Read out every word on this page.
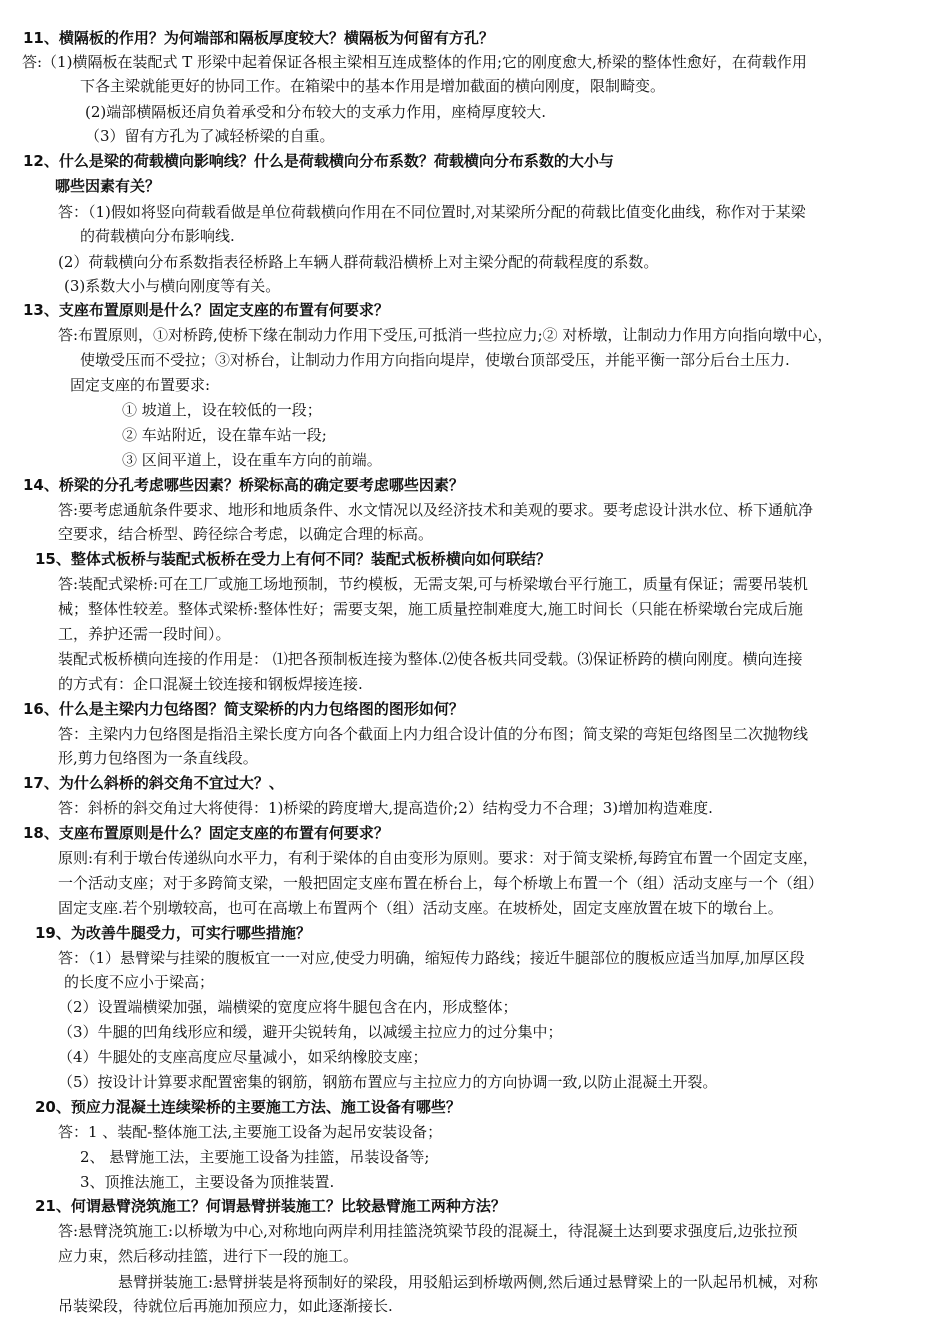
11、横隔板的作用？为何端部和隔板厚度较大？横隔板为何留有方孔？
答:（1)横隔板在装配式 T 形梁中起着保证各根主梁相互连成整体的作用;它的刚度愈大,桥梁的整体性愈好，在荷载作用
下各主梁就能更好的协同工作。在箱梁中的基本作用是增加截面的横向刚度，限制畸变。
(2)端部横隔板还肩负着承受和分布较大的支承力作用，座椅厚度较大.
（3）留有方孔为了减轻桥梁的自重。
12、什么是梁的荷载横向影响线？什么是荷载横向分布系数？荷载横向分布系数的大小与
哪些因素有关？
答：（1)假如将竖向荷载看做是单位荷载横向作用在不同位置时,对某梁所分配的荷载比值变化曲线，称作对于某梁
的荷载横向分布影响线.
(2）荷载横向分布系数指表径桥路上车辆人群荷载沿横桥上对主梁分配的荷载程度的系数。
(3)系数大小与横向刚度等有关。
13、支座布置原则是什么？固定支座的布置有何要求？
答:布置原则，①对桥跨,使桥下缘在制动力作用下受压,可抵消一些拉应力;② 对桥墩，让制动力作用方向指向墩中心，
使墩受压而不受拉；③对桥台，让制动力作用方向指向堤岸，使墩台顶部受压，并能平衡一部分后台土压力.
固定支座的布置要求:
① 坡道上，设在较低的一段；
② 车站附近，设在靠车站一段;
③ 区间平道上，设在重车方向的前端。
14、桥梁的分孔考虑哪些因素？桥梁标高的确定要考虑哪些因素？
答:要考虑通航条件要求、地形和地质条件、水文情况以及经济技术和美观的要求。要考虑设计洪水位、桥下通航净
空要求，结合桥型、跨径综合考虑，以确定合理的标高。
15、整体式板桥与装配式板桥在受力上有何不同？装配式板桥横向如何联结？
答:装配式梁桥:可在工厂或施工场地预制，节约模板，无需支架,可与桥梁墩台平行施工，质量有保证；需要吊装机
械；整体性较差。整体式梁桥:整体性好；需要支架，施工质量控制难度大,施工时间长（只能在桥梁墩台完成后施
工，养护还需一段时间）。
装配式板桥横向连接的作用是： ⑴把各预制板连接为整体.⑵使各板共同受载。⑶保证桥跨的横向刚度。横向连接
的方式有：企口混凝土铰连接和钢板焊接连接.
16、什么是主梁内力包络图？简支梁桥的内力包络图的图形如何？
答：主梁内力包络图是指沿主梁长度方向各个截面上内力组合设计值的分布图；简支梁的弯矩包络图呈二次抛物线
形,剪力包络图为一条直线段。
17、为什么斜桥的斜交角不宜过大？、
答：斜桥的斜交角过大将使得：1)桥梁的跨度增大,提高造价;2）结构受力不合理；3)增加构造难度.
18、支座布置原则是什么？固定支座的布置有何要求？
原则:有利于墩台传递纵向水平力，有利于梁体的自由变形为原则。要求：对于简支梁桥,每跨宜布置一个固定支座，
一个活动支座；对于多跨简支梁，一般把固定支座布置在桥台上，每个桥墩上布置一个（组）活动支座与一个（组）
固定支座.若个别墩较高，也可在高墩上布置两个（组）活动支座。在坡桥处，固定支座放置在坡下的墩台上。
19、为改善牛腿受力，可实行哪些措施？
答：（1）悬臂梁与挂梁的腹板宜一一对应,使受力明确，缩短传力路线；接近牛腿部位的腹板应适当加厚,加厚区段
的长度不应小于梁高；
（2）设置端横梁加强，端横梁的宽度应将牛腿包含在内，形成整体；
（3）牛腿的凹角线形应和缓，避开尖锐转角，以减缓主拉应力的过分集中；
（4）牛腿处的支座高度应尽量减小，如采纳橡胶支座；
（5）按设计计算要求配置密集的钢筋，钢筋布置应与主拉应力的方向协调一致,以防止混凝土开裂。
20、预应力混凝土连续梁桥的主要施工方法、施工设备有哪些？
答：1 、装配-整体施工法,主要施工设备为起吊安装设备；
2、 悬臂施工法，主要施工设备为挂篮，吊装设备等;
3、顶推法施工，主要设备为顶推装置.
21、何谓悬臂浇筑施工？何谓悬臂拼装施工？比较悬臂施工两种方法？
答:悬臂浇筑施工:以桥墩为中心,对称地向两岸利用挂篮浇筑梁节段的混凝土，待混凝土达到要求强度后,边张拉预
应力束，然后移动挂篮，进行下一段的施工。
悬臂拼装施工:悬臂拼装是将预制好的梁段，用驳船运到桥墩两侧,然后通过悬臂梁上的一队起吊机械，对称
吊装梁段，待就位后再施加预应力，如此逐渐接长.
